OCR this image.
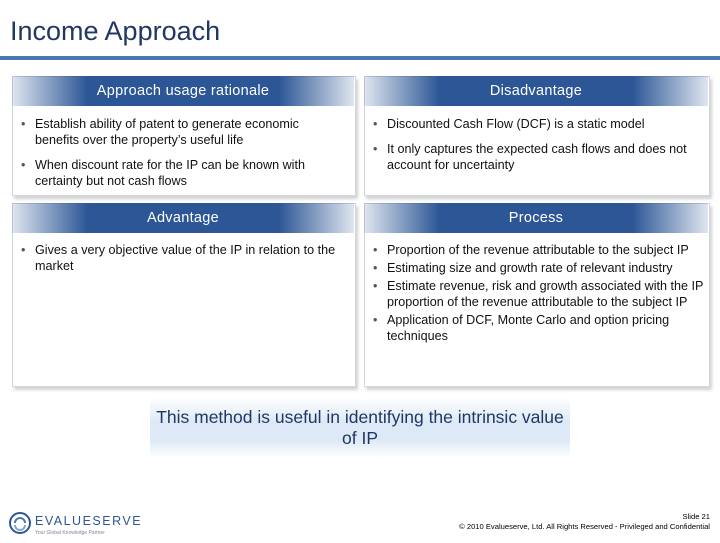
Income Approach
Approach usage rationale
• Establish ability of patent to generate economic benefits over the property’s useful life
• When discount rate for the IP can be known with certainty but not cash flows
Disadvantage
• Discounted Cash Flow (DCF) is a static model
• It only captures the expected cash flows and does not account for uncertainty
Advantage
• Gives a very objective value of the IP in relation to the market
Process
• Proportion of the revenue attributable to the subject IP
• Estimating size and growth rate of relevant industry
• Estimate revenue, risk and growth associated with the IP proportion of the revenue attributable to the subject IP
• Application of DCF, Monte Carlo and option pricing techniques
This method is useful in identifying the intrinsic value of IP
EVALUESERVE
Your Global Knowledge Partner
Slide 21
© 2010 Evalueserve, Ltd. All Rights Reserved - Privileged and Confidential
